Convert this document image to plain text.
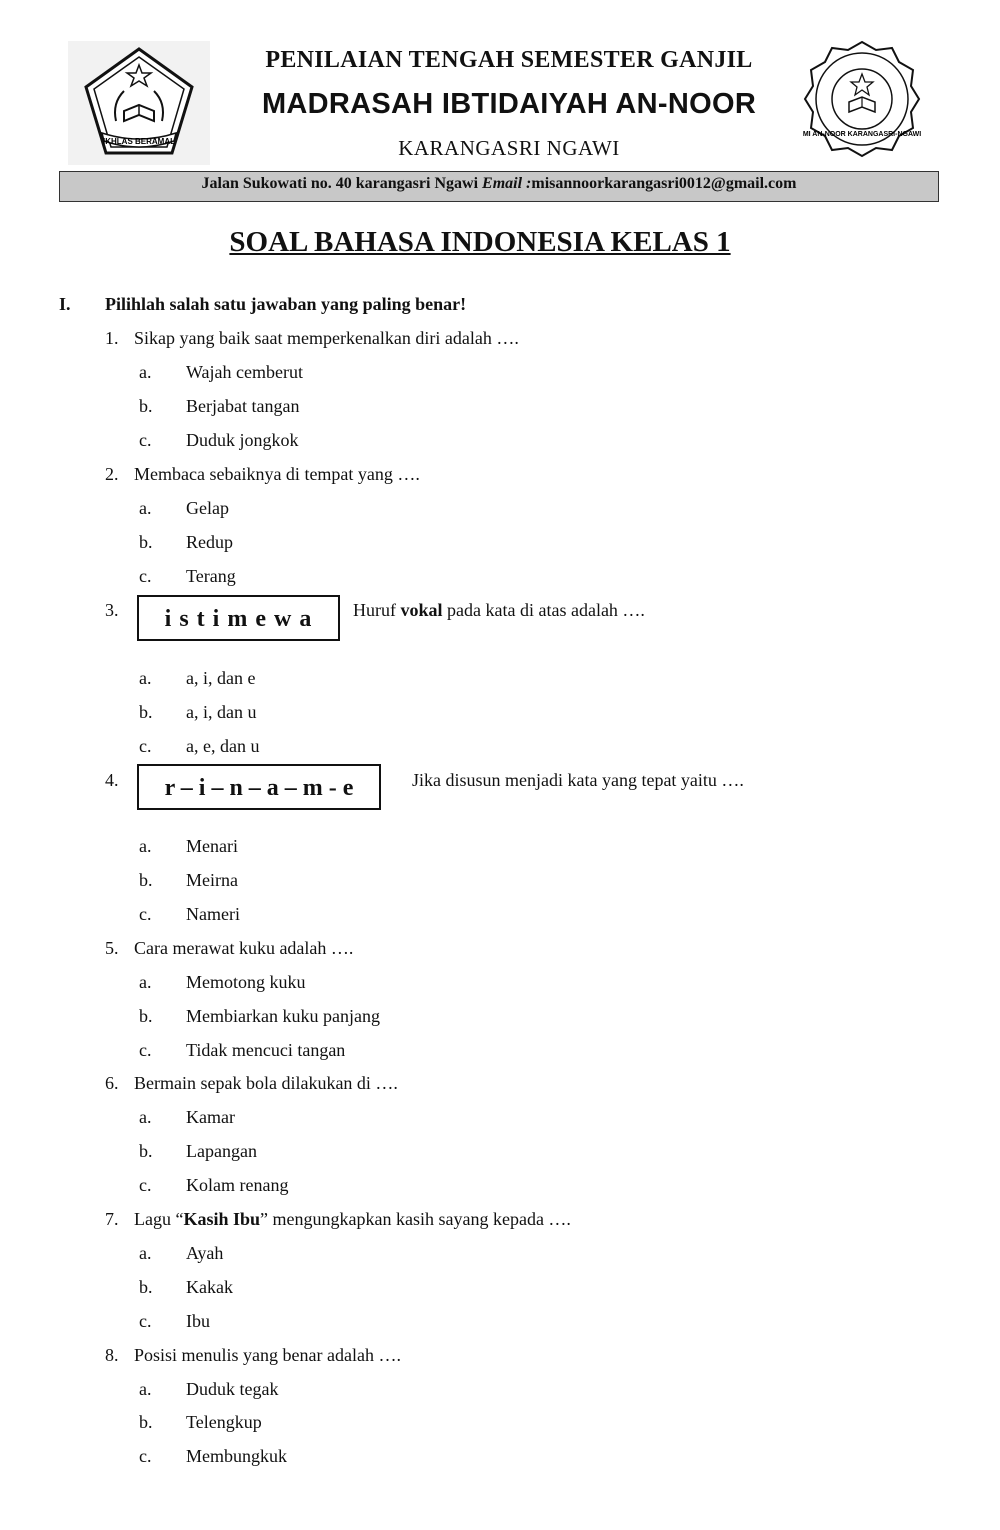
IKHLAS BERAMAL
PENILAIAN TENGAH SEMESTER GANJIL
MADRASAH IBTIDAIYAH AN-NOOR
KARANGASRI NGAWI
MI AN-NOOR KARANGASRI-NGAWI
Jalan Sukowati no. 40 karangasri Ngawi Email :misannoorkarangasri0012@gmail.com
SOAL BAHASA INDONESIA KELAS 1
I. Pilihlah salah satu jawaban yang paling benar!
1. Sikap yang baik saat memperkenalkan diri adalah ….
a. Wajah cemberut
b. Berjabat tangan
c. Duduk jongkok
2. Membaca sebaiknya di tempat yang ….
a. Gelap
b. Redup
c. Terang
3.	i s t i m e w a	Huruf vokal pada kata di atas adalah ….
a. a, i, dan e
b. a, i, dan u
c. a, e, dan u
4.	r – i – n – a – m - e	Jika disusun menjadi kata yang tepat yaitu ….
a. Menari
b. Meirna
c. Nameri
5. Cara merawat kuku adalah ….
a. Memotong kuku
b. Membiarkan kuku panjang
c. Tidak mencuci tangan
6. Bermain sepak bola dilakukan di ….
a. Kamar
b. Lapangan
c. Kolam renang
7. Lagu “Kasih Ibu” mengungkapkan kasih sayang kepada ….
a. Ayah
b. Kakak
c. Ibu
8. Posisi menulis yang benar adalah ….
a. Duduk tegak
b. Telengkup
c. Membungkuk
